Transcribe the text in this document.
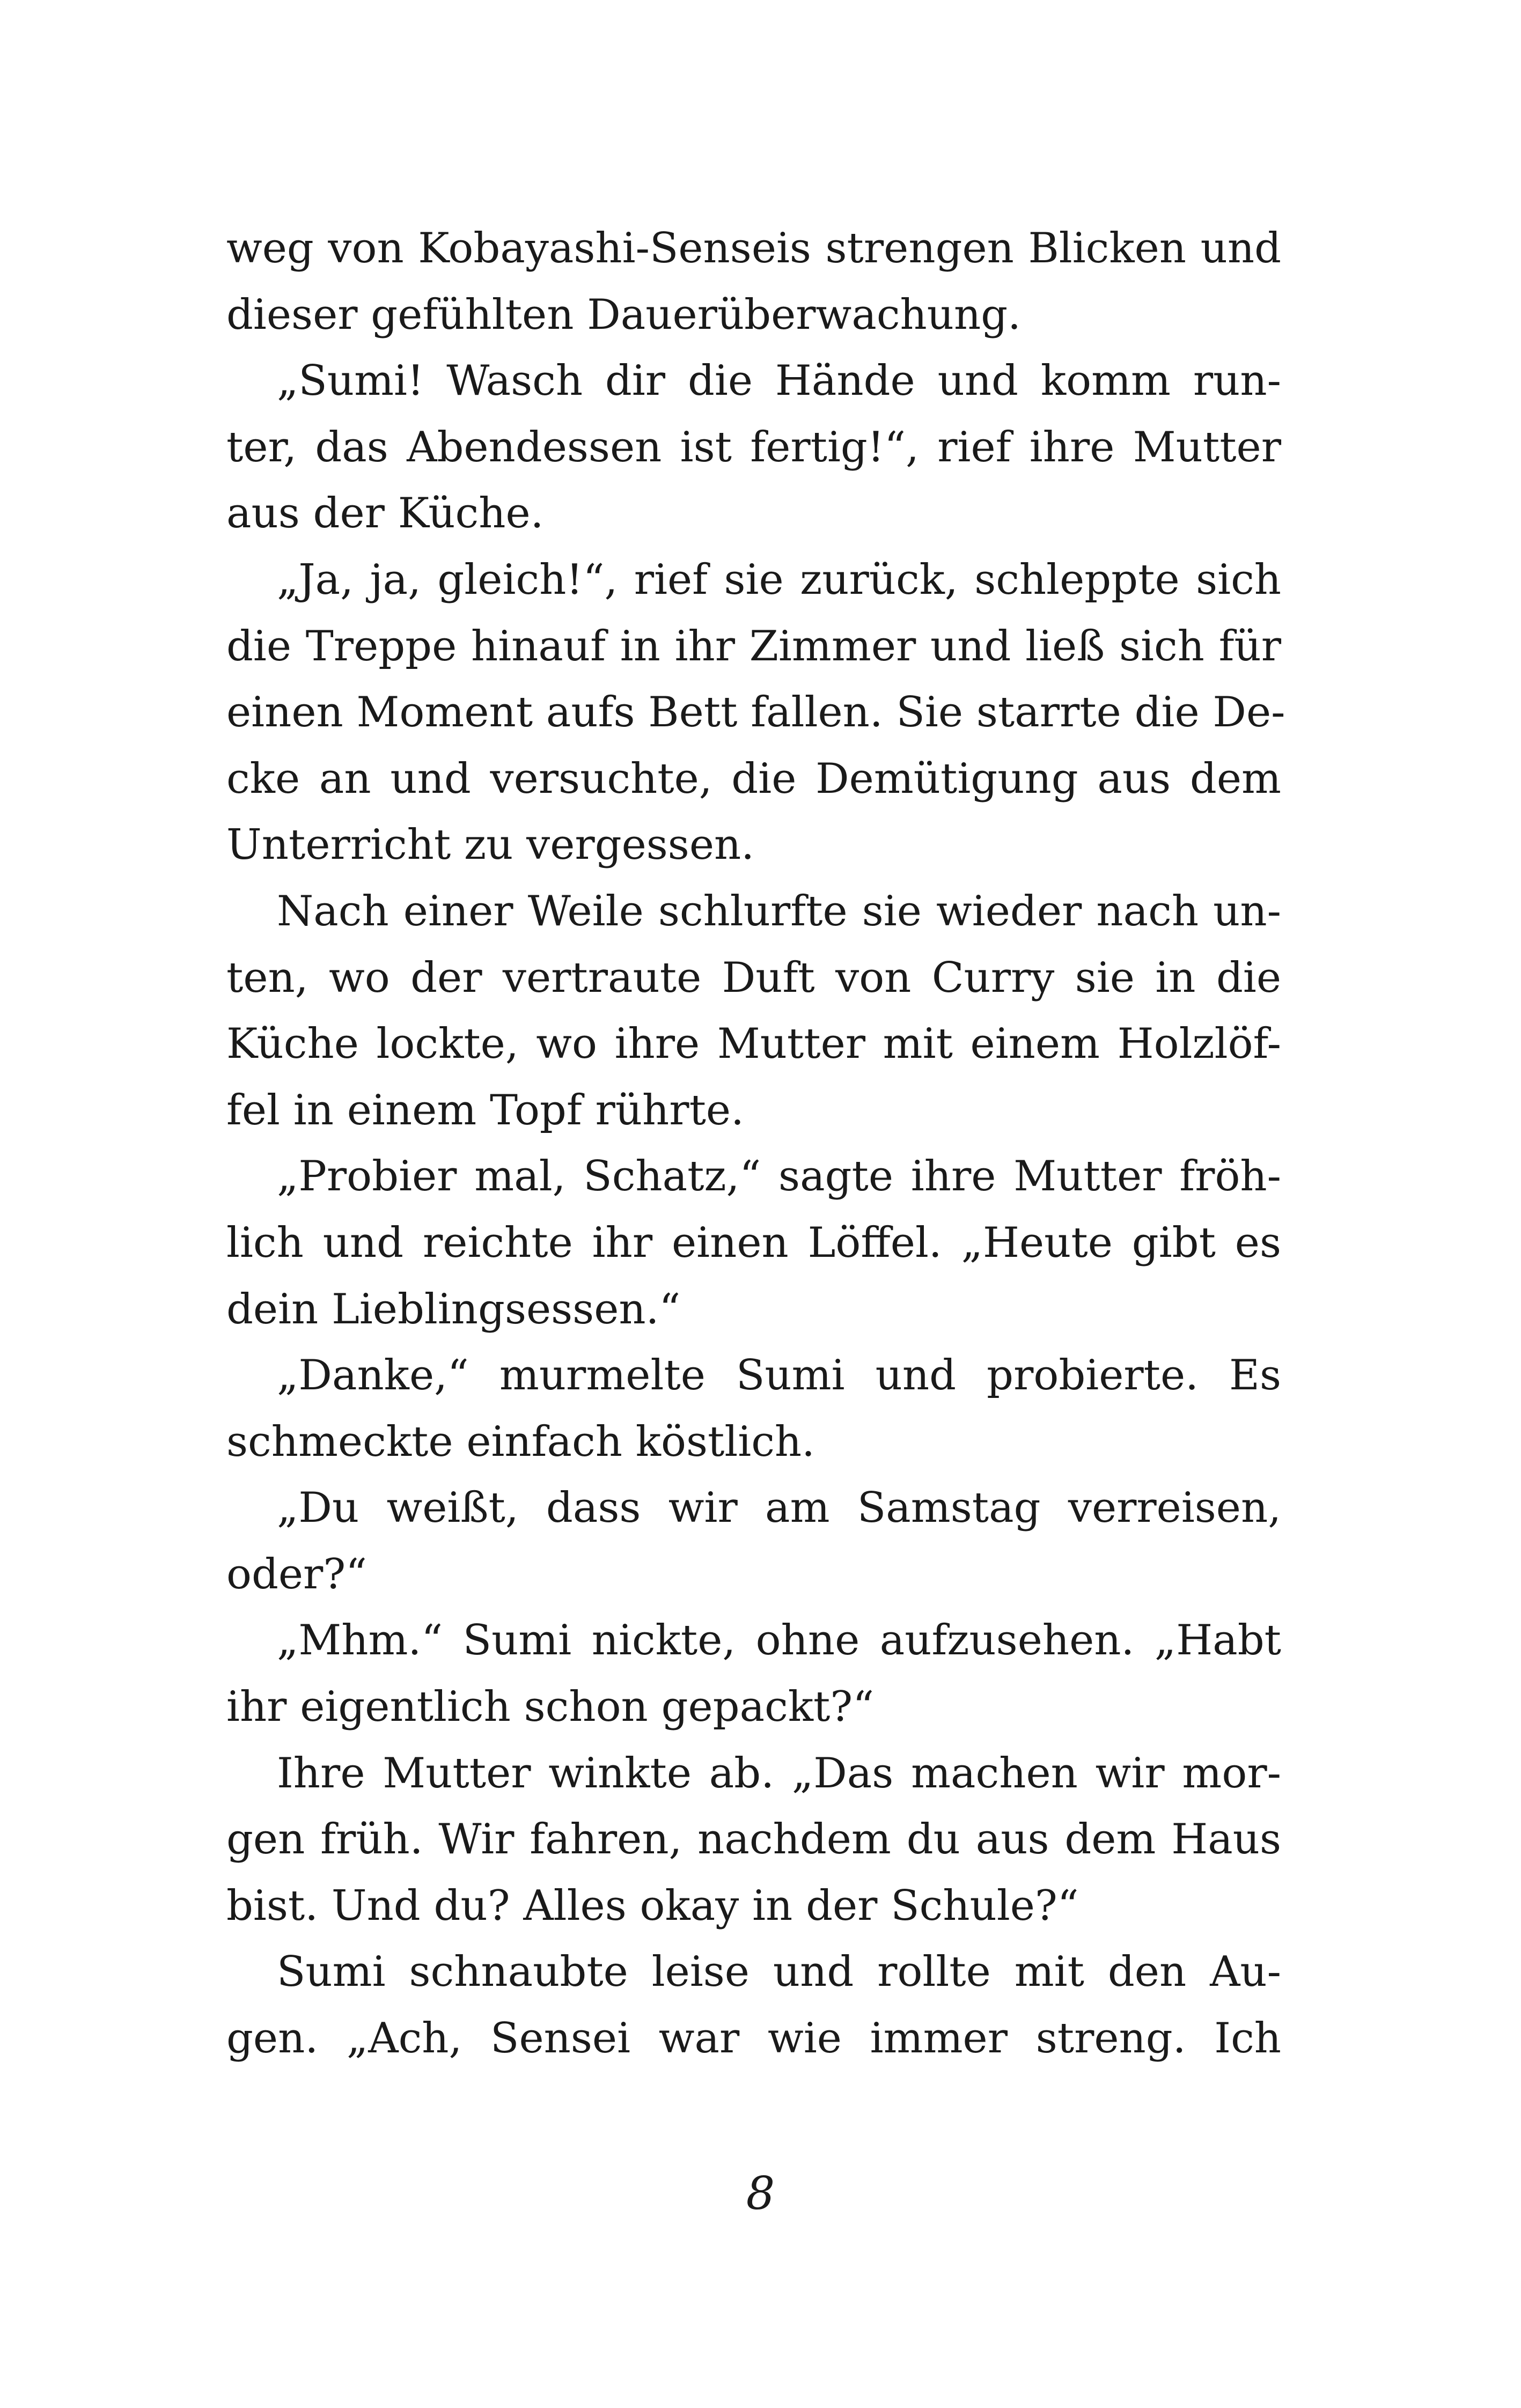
weg von Kobayashi-Senseis strengen Blicken und
dieser gefühlten Dauerüberwachung.
„Sumi! Wasch dir die Hände und komm run-
ter, das Abendessen ist fertig!“, rief ihre Mutter
aus der Küche.
„Ja, ja, gleich!“, rief sie zurück, schleppte sich
die Treppe hinauf in ihr Zimmer und ließ sich für
einen Moment aufs Bett fallen. Sie starrte die De-
cke an und versuchte, die Demütigung aus dem
Unterricht zu vergessen.
Nach einer Weile schlurfte sie wieder nach un-
ten, wo der vertraute Duft von Curry sie in die
Küche lockte, wo ihre Mutter mit einem Holzlöf-
fel in einem Topf rührte.
„Probier mal, Schatz,“ sagte ihre Mutter fröh-
lich und reichte ihr einen Löffel. „Heute gibt es
dein Lieblingsessen.“
„Danke,“ murmelte Sumi und probierte. Es
schmeckte einfach köstlich.
„Du weißt, dass wir am Samstag verreisen,
oder?“
„Mhm.“ Sumi nickte, ohne aufzusehen. „Habt
ihr eigentlich schon gepackt?“
Ihre Mutter winkte ab. „Das machen wir mor-
gen früh. Wir fahren, nachdem du aus dem Haus
bist. Und du? Alles okay in der Schule?“
Sumi schnaubte leise und rollte mit den Au-
gen. „Ach, Sensei war wie immer streng. Ich
8
